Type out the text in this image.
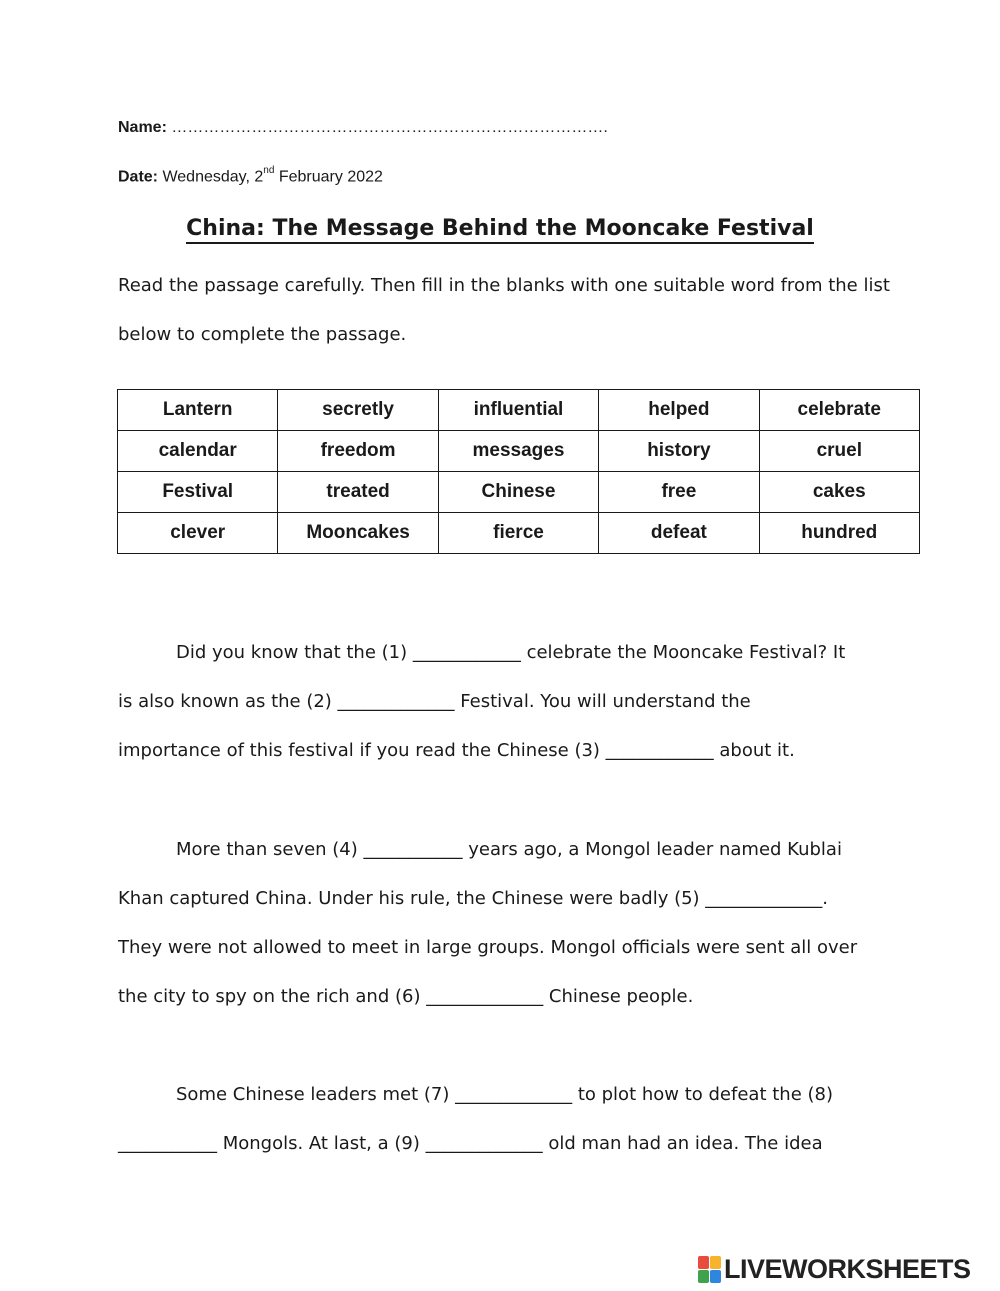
Name: ……………………………………………………………………….
Date: Wednesday, 2nd February 2022
China: The Message Behind the Mooncake Festival
Read the passage carefully. Then fill in the blanks with one suitable word from the list below to complete the passage.
Lantern	secretly	influential	helped	celebrate
calendar	freedom	messages	history	cruel
Festival	treated	Chinese	free	cakes
clever	Mooncakes	fierce	defeat	hundred
Did you know that the (1) ____________ celebrate the Mooncake Festival? It
is also known as the (2) _____________ Festival. You will understand the
importance of this festival if you read the Chinese (3) ____________ about it.
More than seven (4) ___________ years ago, a Mongol leader named Kublai
Khan captured China. Under his rule, the Chinese were badly (5) _____________.
They were not allowed to meet in large groups. Mongol officials were sent all over
the city to spy on the rich and (6) _____________ Chinese people.
Some Chinese leaders met (7) _____________ to plot how to defeat the (8)
___________ Mongols. At last, a (9) _____________ old man had an idea. The idea
LIVEWORKSHEETS
